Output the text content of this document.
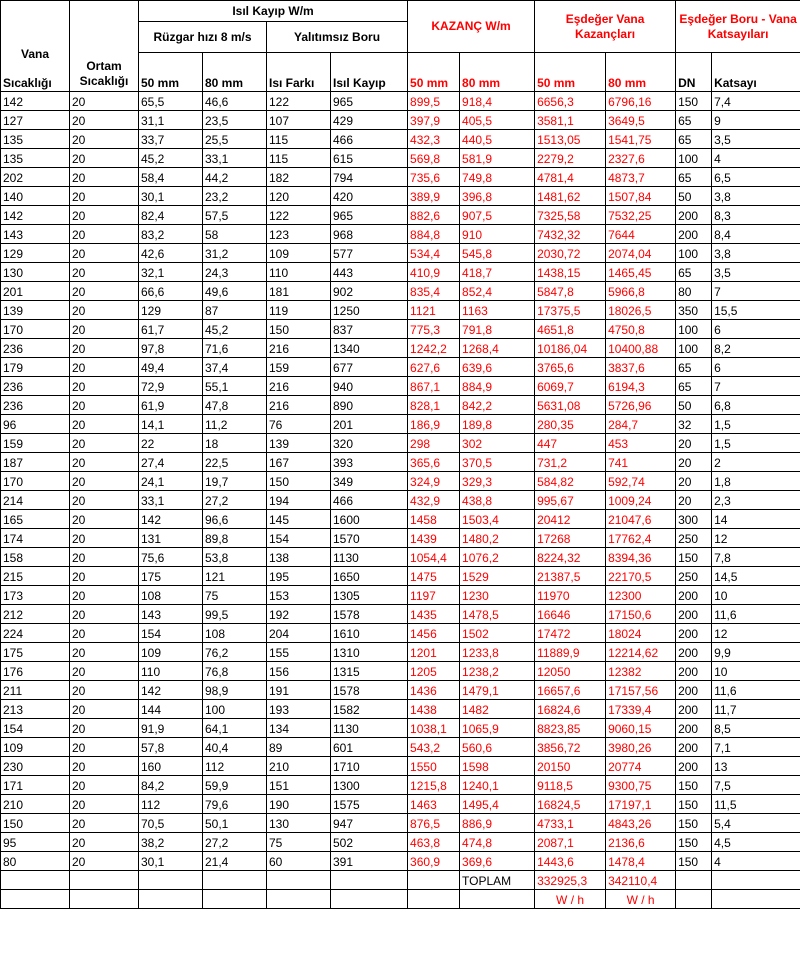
Vana
Sıcaklığı	Ortam Sıcaklığı	Isıl Kayıp W/m				KAZANÇ W/m		Eşdeğer Vana Kazançları		Eşdeğer Boru - Vana Katsayıları	
		Rüzgar hızı 8 m/s		Yalıtımsız Boru							
		50 mm	80 mm	Isı Farkı	Isıl Kayıp	50 mm	80 mm	50 mm	80 mm	DN	Katsayı
142	20	65,5	46,6	122	965	899,5	918,4	6656,3	6796,16	150	7,4
127	20	31,1	23,5	107	429	397,9	405,5	3581,1	3649,5	65	9
135	20	33,7	25,5	115	466	432,3	440,5	1513,05	1541,75	65	3,5
135	20	45,2	33,1	115	615	569,8	581,9	2279,2	2327,6	100	4
202	20	58,4	44,2	182	794	735,6	749,8	4781,4	4873,7	65	6,5
140	20	30,1	23,2	120	420	389,9	396,8	1481,62	1507,84	50	3,8
142	20	82,4	57,5	122	965	882,6	907,5	7325,58	7532,25	200	8,3
143	20	83,2	58	123	968	884,8	910	7432,32	7644	200	8,4
129	20	42,6	31,2	109	577	534,4	545,8	2030,72	2074,04	100	3,8
130	20	32,1	24,3	110	443	410,9	418,7	1438,15	1465,45	65	3,5
201	20	66,6	49,6	181	902	835,4	852,4	5847,8	5966,8	80	7
139	20	129	87	119	1250	1121	1163	17375,5	18026,5	350	15,5
170	20	61,7	45,2	150	837	775,3	791,8	4651,8	4750,8	100	6
236	20	97,8	71,6	216	1340	1242,2	1268,4	10186,04	10400,88	100	8,2
179	20	49,4	37,4	159	677	627,6	639,6	3765,6	3837,6	65	6
236	20	72,9	55,1	216	940	867,1	884,9	6069,7	6194,3	65	7
236	20	61,9	47,8	216	890	828,1	842,2	5631,08	5726,96	50	6,8
96	20	14,1	11,2	76	201	186,9	189,8	280,35	284,7	32	1,5
159	20	22	18	139	320	298	302	447	453	20	1,5
187	20	27,4	22,5	167	393	365,6	370,5	731,2	741	20	2
170	20	24,1	19,7	150	349	324,9	329,3	584,82	592,74	20	1,8
214	20	33,1	27,2	194	466	432,9	438,8	995,67	1009,24	20	2,3
165	20	142	96,6	145	1600	1458	1503,4	20412	21047,6	300	14
174	20	131	89,8	154	1570	1439	1480,2	17268	17762,4	250	12
158	20	75,6	53,8	138	1130	1054,4	1076,2	8224,32	8394,36	150	7,8
215	20	175	121	195	1650	1475	1529	21387,5	22170,5	250	14,5
173	20	108	75	153	1305	1197	1230	11970	12300	200	10
212	20	143	99,5	192	1578	1435	1478,5	16646	17150,6	200	11,6
224	20	154	108	204	1610	1456	1502	17472	18024	200	12
175	20	109	76,2	155	1310	1201	1233,8	11889,9	12214,62	200	9,9
176	20	110	76,8	156	1315	1205	1238,2	12050	12382	200	10
211	20	142	98,9	191	1578	1436	1479,1	16657,6	17157,56	200	11,6
213	20	144	100	193	1582	1438	1482	16824,6	17339,4	200	11,7
154	20	91,9	64,1	134	1130	1038,1	1065,9	8823,85	9060,15	200	8,5
109	20	57,8	40,4	89	601	543,2	560,6	3856,72	3980,26	200	7,1
230	20	160	112	210	1710	1550	1598	20150	20774	200	13
171	20	84,2	59,9	151	1300	1215,8	1240,1	9118,5	9300,75	150	7,5
210	20	112	79,6	190	1575	1463	1495,4	16824,5	17197,1	150	11,5
150	20	70,5	50,1	130	947	876,5	886,9	4733,1	4843,26	150	5,4
95	20	38,2	27,2	75	502	463,8	474,8	2087,1	2136,6	150	4,5
80	20	30,1	21,4	60	391	360,9	369,6	1443,6	1478,4	150	4
							TOPLAM	332925,3	342110,4		
								W / h	W / h		
